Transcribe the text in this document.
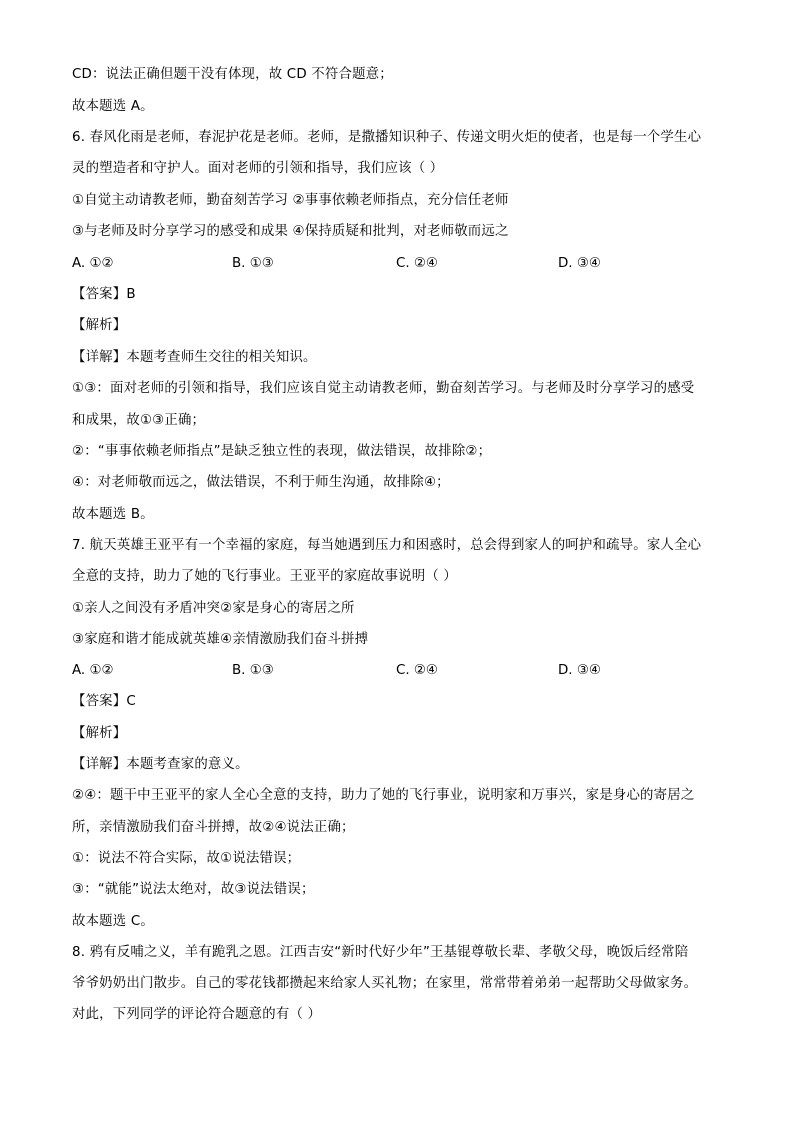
CD：说法正确但题干没有体现，故 CD 不符合题意；
故本题选 A。
6. 春风化雨是老师，春泥护花是老师。老师，是撒播知识种子、传递文明火炬的使者，也是每一个学生心
灵的塑造者和守护人。面对老师的引领和指导，我们应该（ ）
①自觉主动请教老师，勤奋刻苦学习 ②事事依赖老师指点，充分信任老师
③与老师及时分享学习的感受和成果 ④保持质疑和批判，对老师敬而远之
A. ①②	B. ①③	C. ②④	D. ③④
【答案】B
【解析】
【详解】本题考查师生交往的相关知识。
①③：面对老师的引领和指导，我们应该自觉主动请教老师，勤奋刻苦学习。与老师及时分享学习的感受
和成果，故①③正确；
②：“事事依赖老师指点”是缺乏独立性的表现，做法错误，故排除②；
④：对老师敬而远之，做法错误，不利于师生沟通，故排除④；
故本题选 B。
7. 航天英雄王亚平有一个幸福的家庭，每当她遇到压力和困惑时，总会得到家人的呵护和疏导。家人全心
全意的支持，助力了她的飞行事业。王亚平的家庭故事说明（ ）
①亲人之间没有矛盾冲突②家是身心的寄居之所
③家庭和谐才能成就英雄④亲情激励我们奋斗拼搏
A. ①②	B. ①③	C. ②④	D. ③④
【答案】C
【解析】
【详解】本题考查家的意义。
②④：题干中王亚平的家人全心全意的支持，助力了她的飞行事业，说明家和万事兴，家是身心的寄居之
所，亲情激励我们奋斗拼搏，故②④说法正确；
①：说法不符合实际，故①说法错误；
③：“就能”说法太绝对，故③说法错误；
故本题选 C。
8. 鸦有反哺之义，羊有跪乳之恩。江西吉安“新时代好少年”王基锟尊敬长辈、孝敬父母，晚饭后经常陪
爷爷奶奶出门散步。自己的零花钱都攒起来给家人买礼物；在家里，常常带着弟弟一起帮助父母做家务。
对此，下列同学的评论符合题意的有（ ）
